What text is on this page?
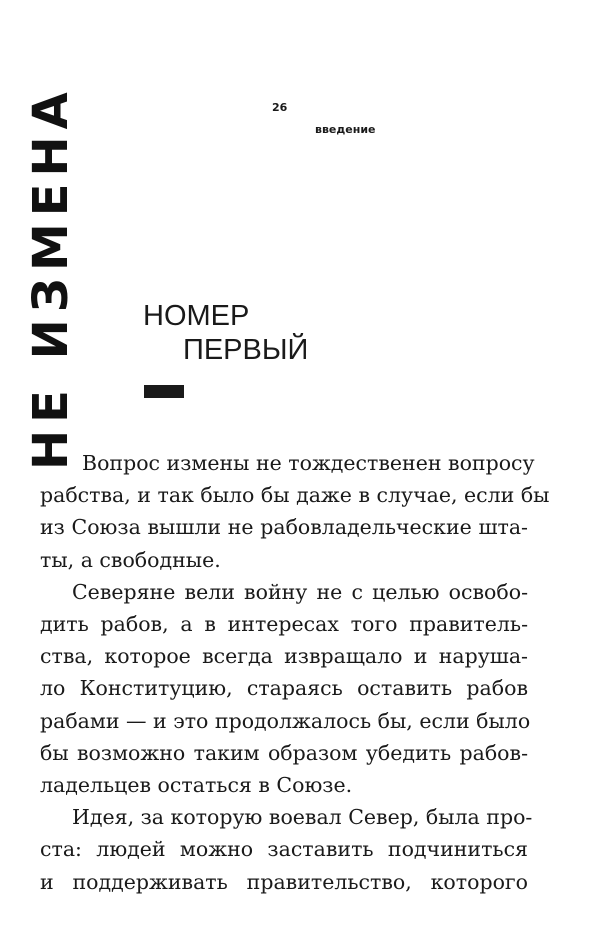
НЕ ИЗМЕНА	26
введение
НОМЕР
ПЕРВЫЙ
Вопрос измены не тождественен вопросу
рабства, и так было бы даже в случае, если бы
из Союза вышли не рабовладельческие шта-
ты, а свободные.
Северяне вели войну не с целью освобо-
дить рабов, а в интересах того правитель-
ства, которое всегда извращало и наруша-
ло Конституцию, стараясь оставить рабов
рабами — и это продолжалось бы, если было
бы возможно таким образом убедить рабов-
ладельцев остаться в Союзе.
Идея, за которую воевал Север, была про-
ста: людей можно заставить подчиниться
и поддерживать правительство, которого
